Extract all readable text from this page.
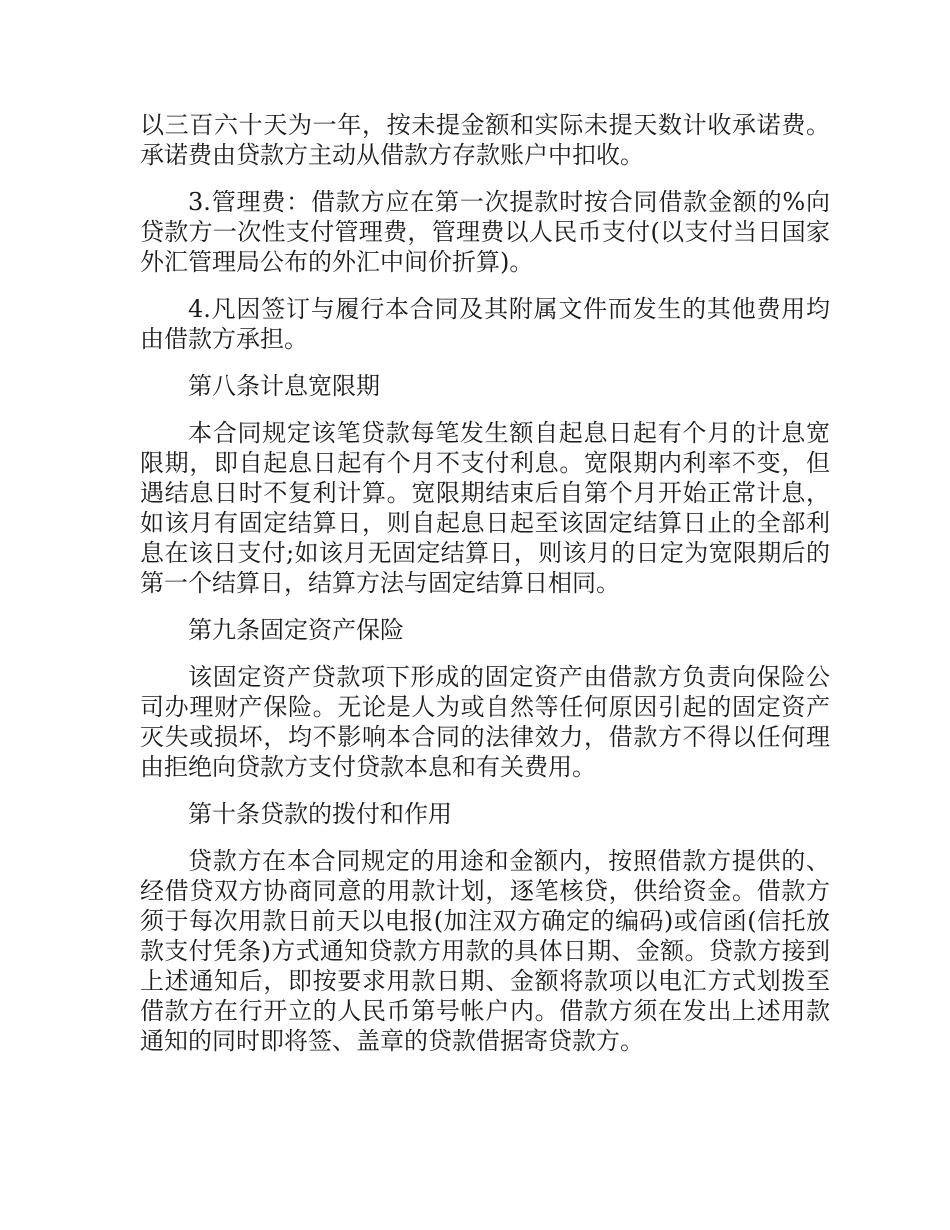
以三百六十天为一年，按未提金额和实际未提天数计收承诺费。承诺费由贷款方主动从借款方存款账户中扣收。

3.管理费：借款方应在第一次提款时按合同借款金额的%向贷款方一次性支付管理费，管理费以人民币支付(以支付当日国家外汇管理局公布的外汇中间价折算)。

4.凡因签订与履行本合同及其附属文件而发生的其他费用均由借款方承担。

第八条计息宽限期

本合同规定该笔贷款每笔发生额自起息日起有个月的计息宽限期，即自起息日起有个月不支付利息。宽限期内利率不变，但遇结息日时不复利计算。宽限期结束后自第个月开始正常计息，如该月有固定结算日，则自起息日起至该固定结算日止的全部利息在该日支付;如该月无固定结算日，则该月的日定为宽限期后的第一个结算日，结算方法与固定结算日相同。

第九条固定资产保险

该固定资产贷款项下形成的固定资产由借款方负责向保险公司办理财产保险。无论是人为或自然等任何原因引起的固定资产灭失或损坏，均不影响本合同的法律效力，借款方不得以任何理由拒绝向贷款方支付贷款本息和有关费用。

第十条贷款的拨付和作用

贷款方在本合同规定的用途和金额内，按照借款方提供的、经借贷双方协商同意的用款计划，逐笔核贷，供给资金。借款方须于每次用款日前天以电报(加注双方确定的编码)或信函(信托放款支付凭条)方式通知贷款方用款的具体日期、金额。贷款方接到上述通知后，即按要求用款日期、金额将款项以电汇方式划拨至借款方在行开立的人民币第号帐户内。借款方须在发出上述用款通知的同时即将签、盖章的贷款借据寄贷款方。
